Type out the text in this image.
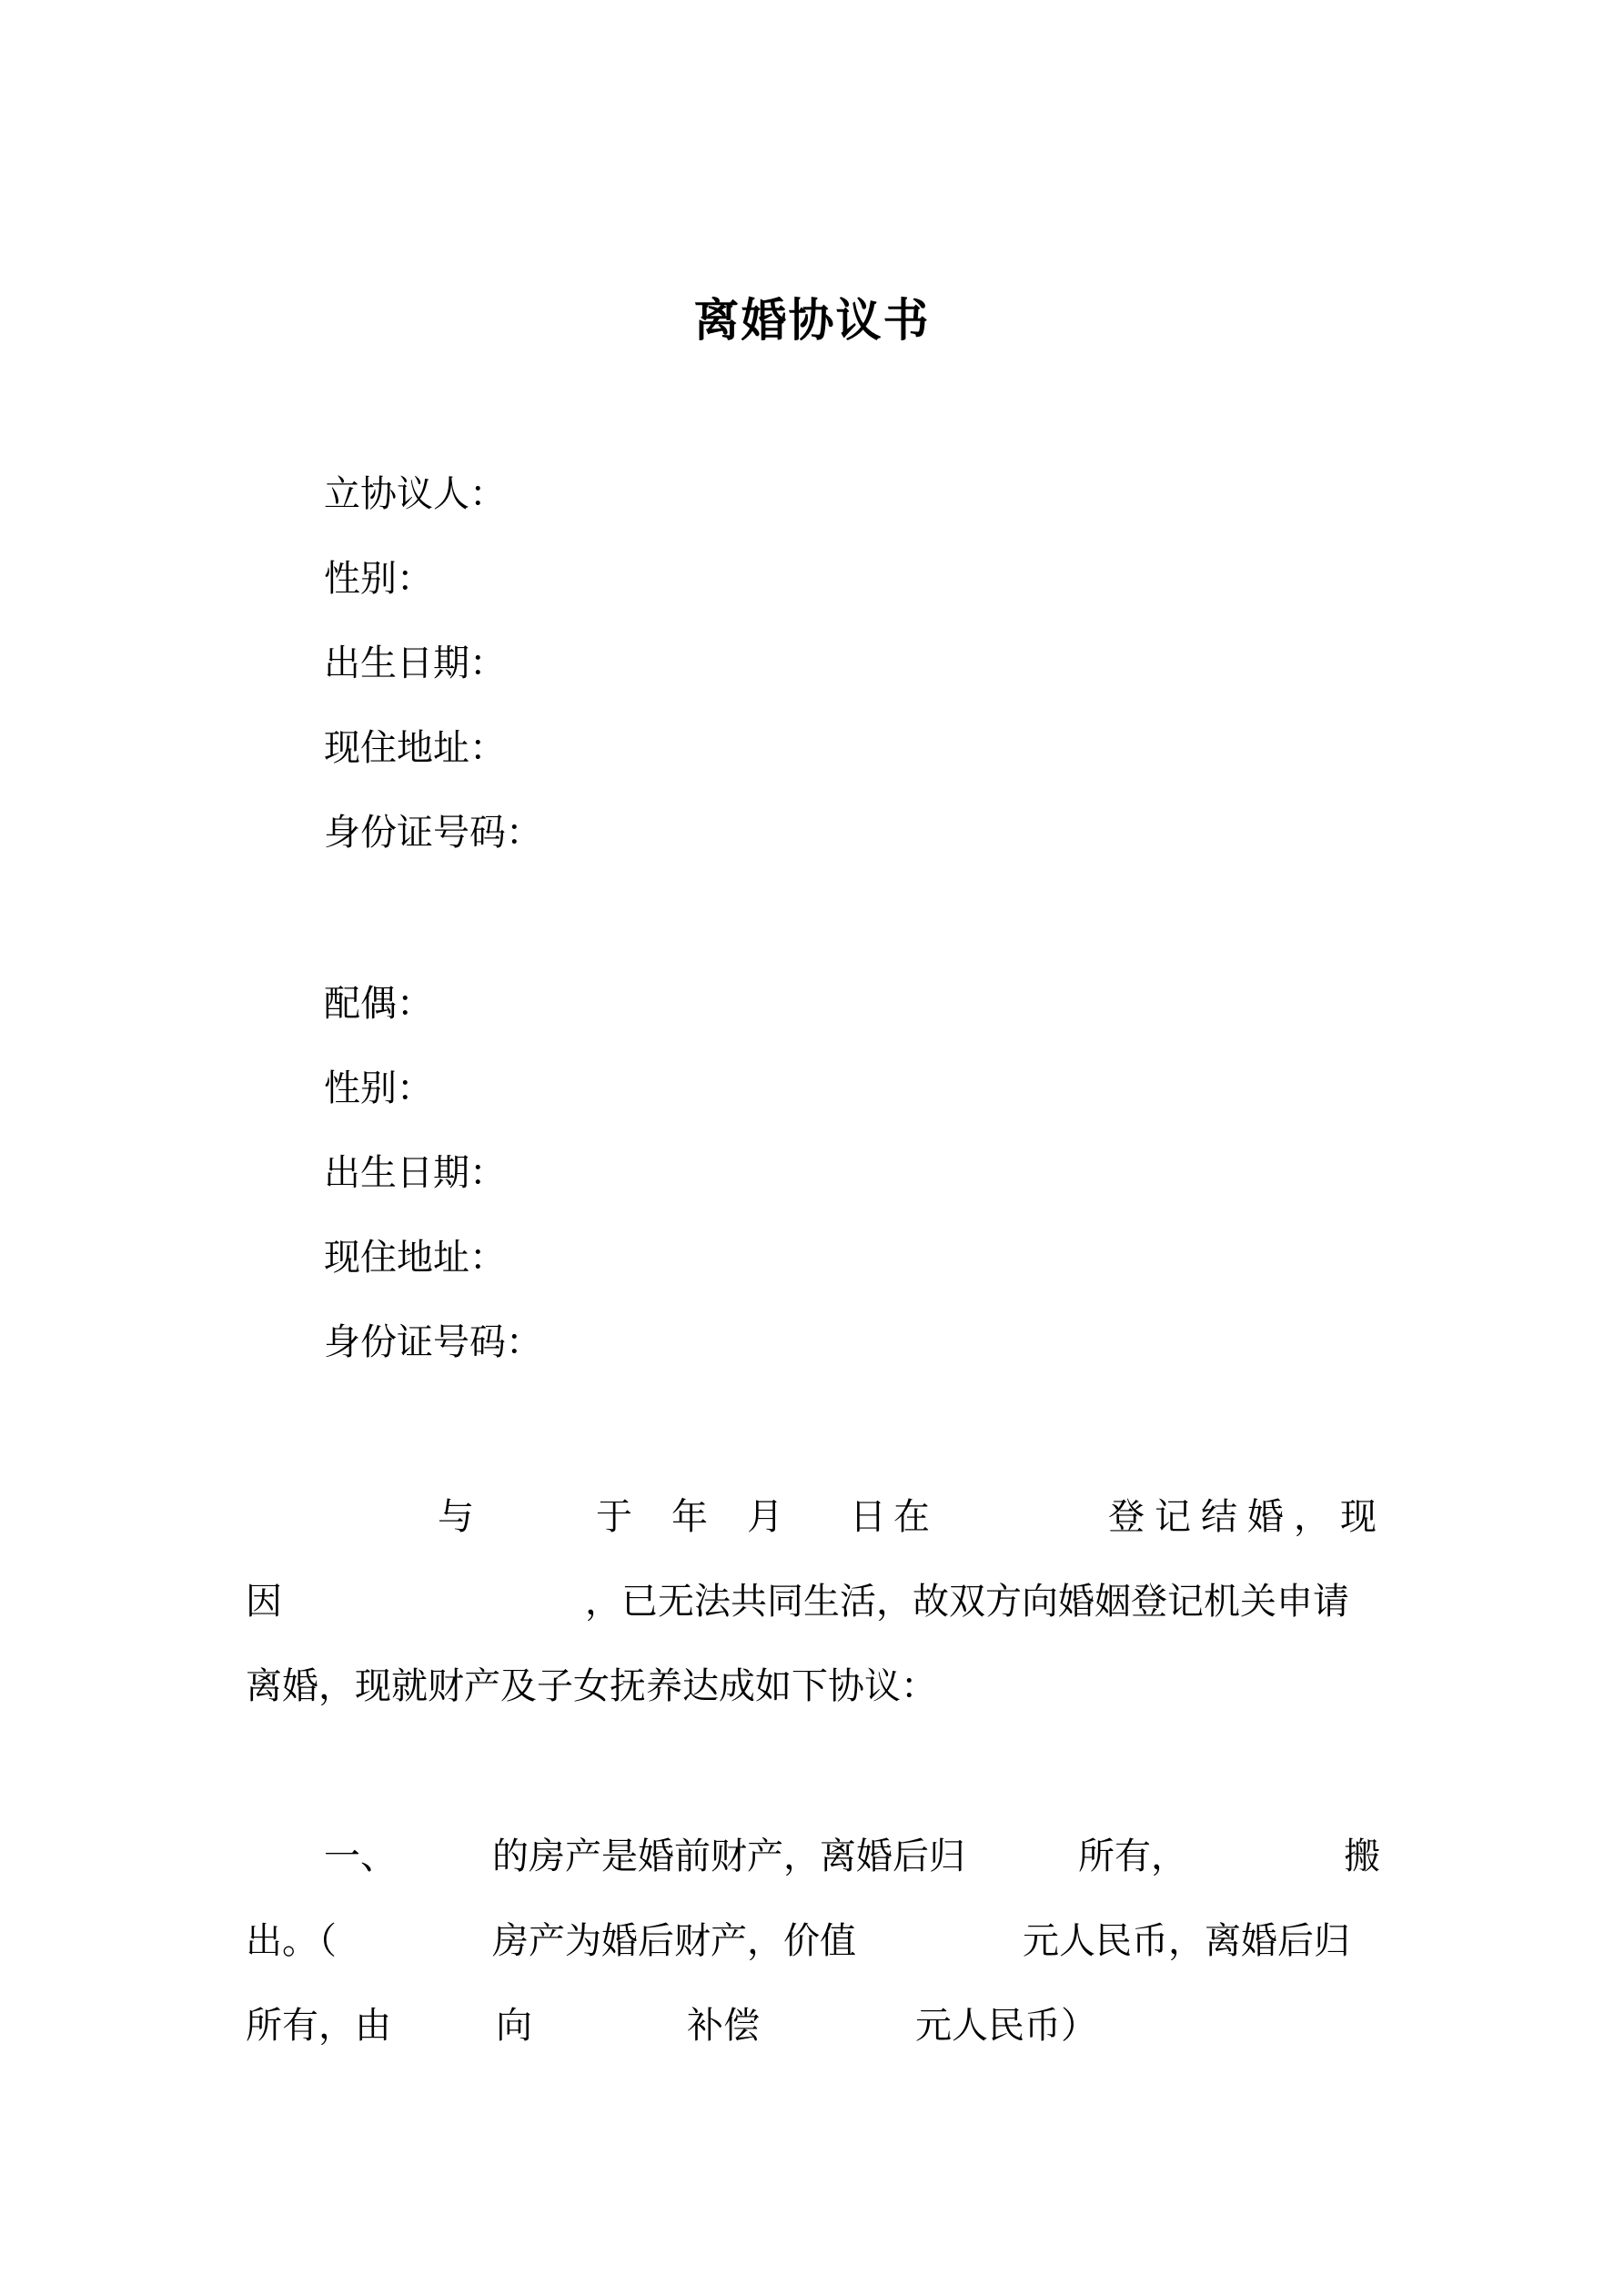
离婚协议书
立协议人：
性别：
出生日期：
现住地址：
身份证号码：
配偶：
性别：
出生日期：
现住地址：
身份证号码：
与	于 年 月 日在	登记结婚，现
因	，已无法共同生活，故双方向婚姻登记机关申请
离婚，现就财产及子女抚养达成如下协议：
一、	的房产是婚前财产，离婚后归	所有，	搬
出。（	房产为婚后财产，价值	元人民币，离婚后归
所有，由	向	补偿	元人民币）
